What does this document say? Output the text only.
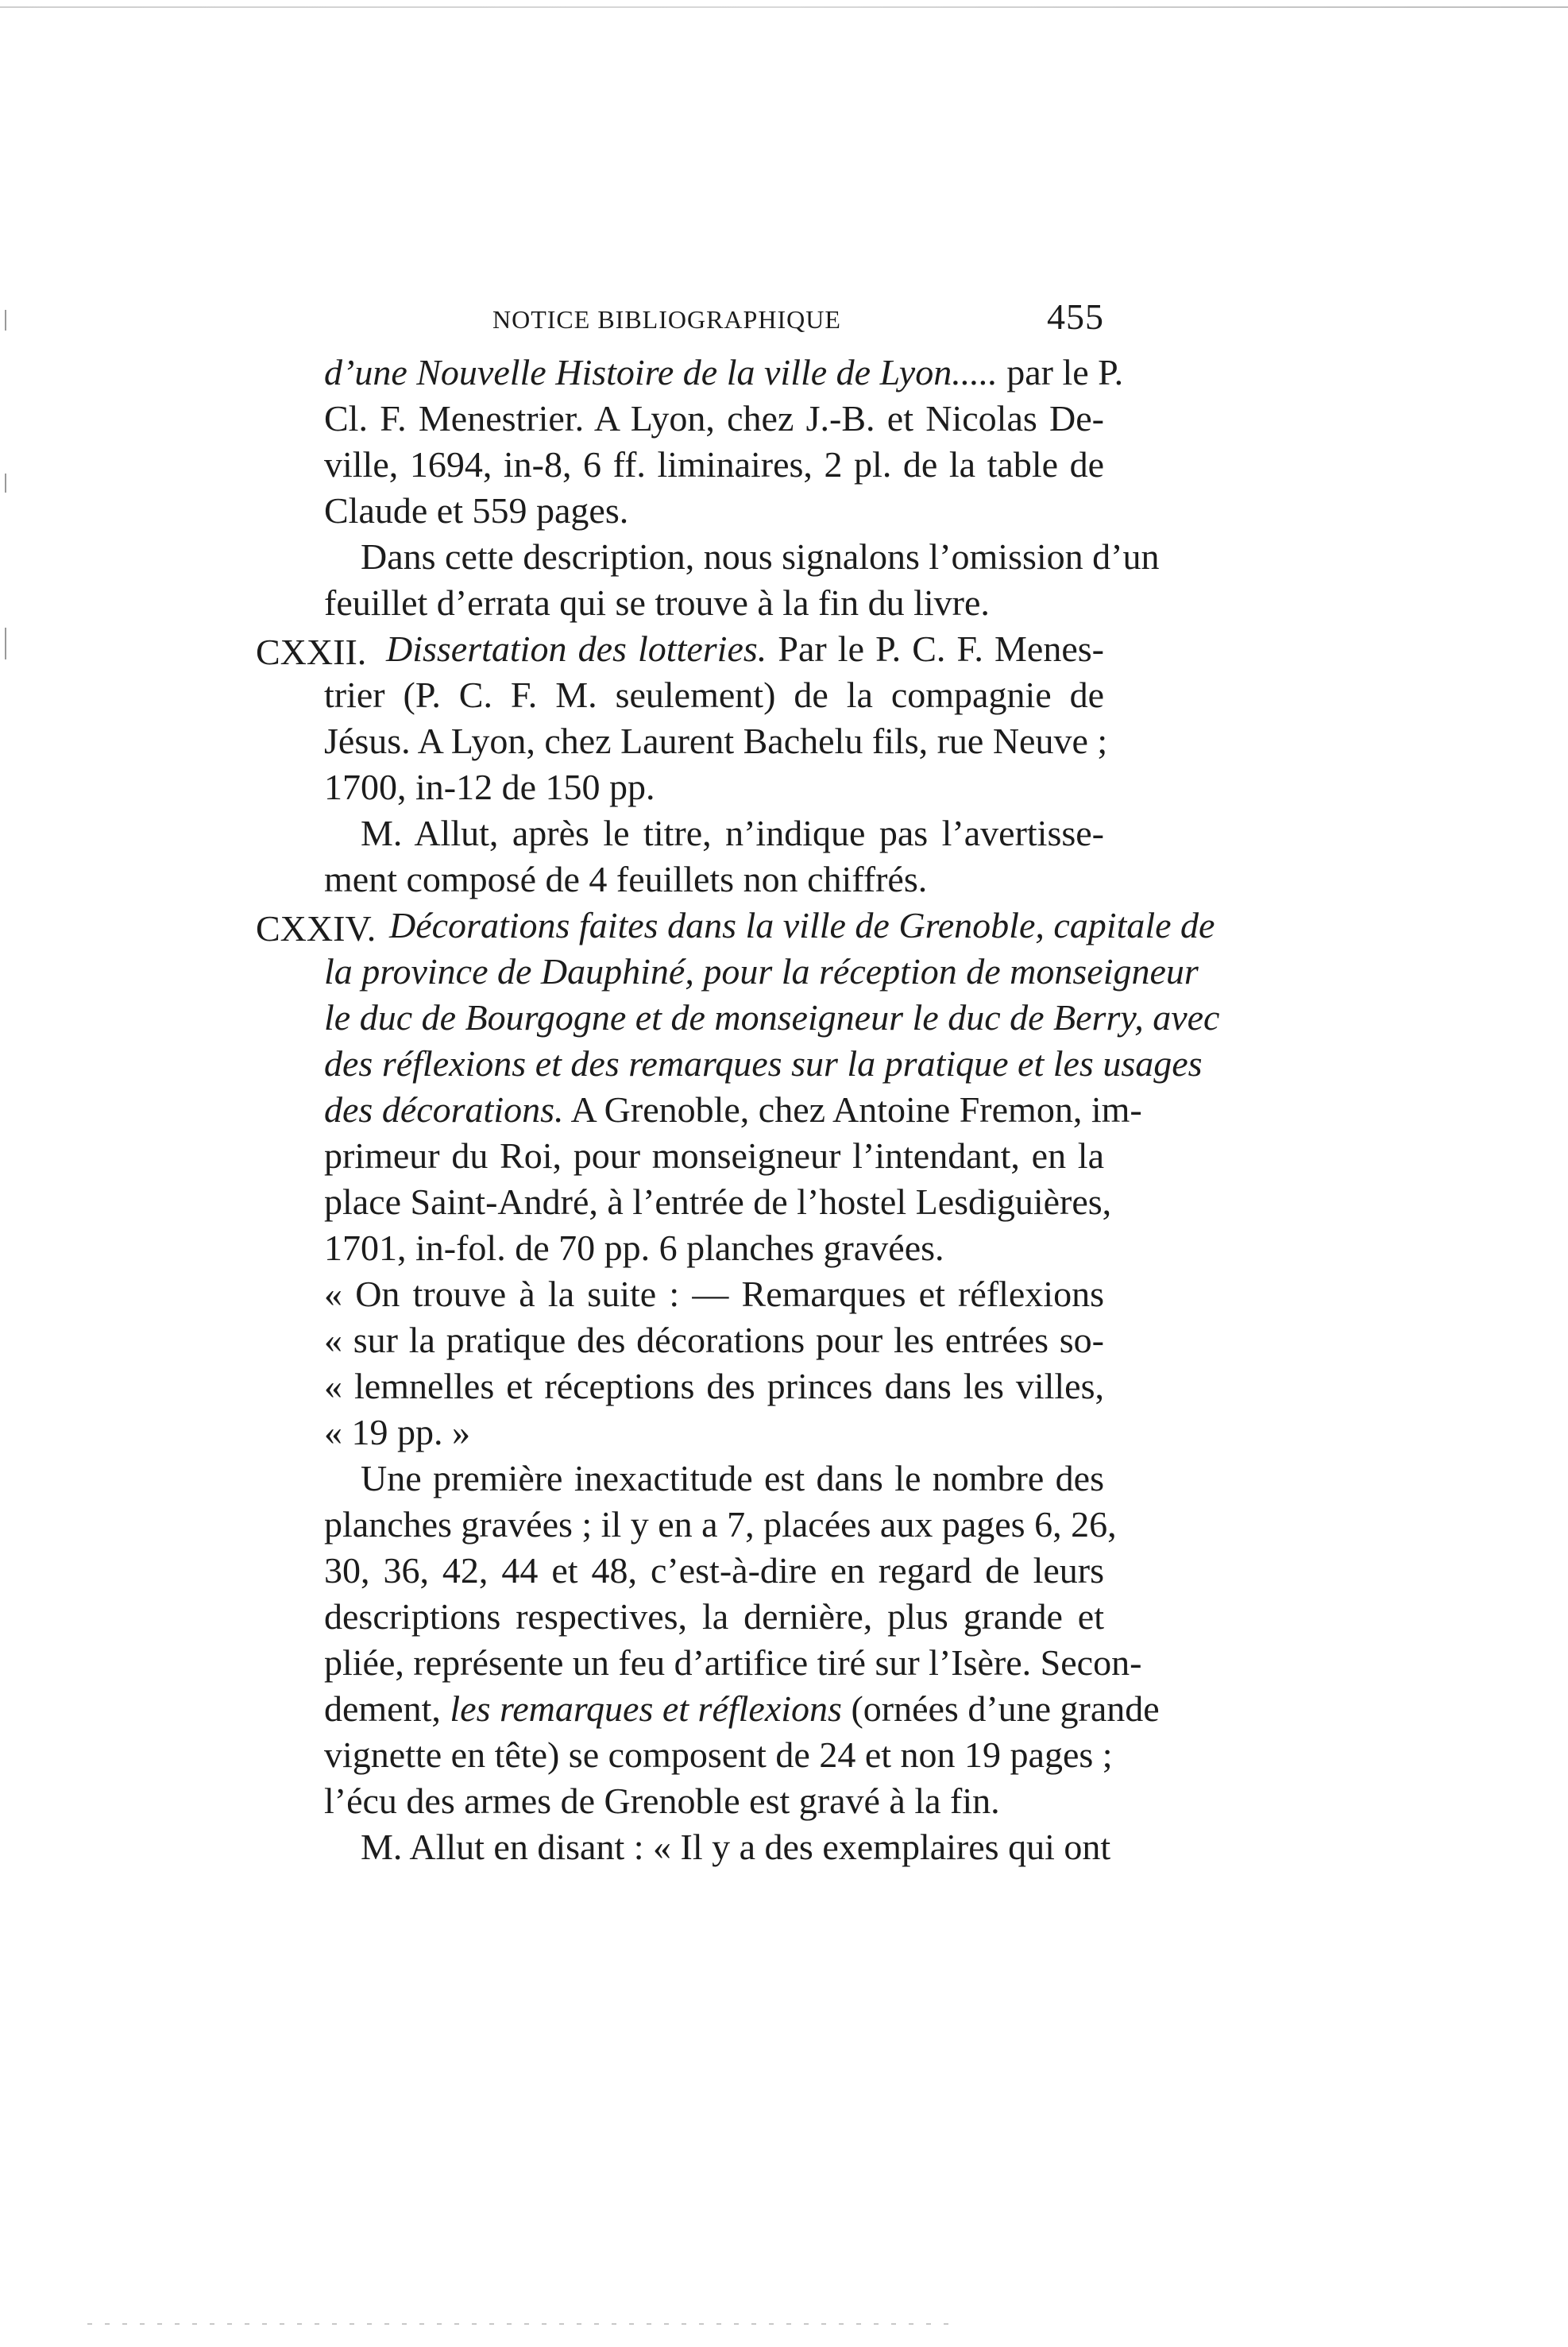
NOTICE BIBLIOGRAPHIQUE	455
d’une Nouvelle Histoire de la ville de Lyon..... par le P.
Cl. F. Menestrier. A Lyon, chez J.-B. et Nicolas De-
ville, 1694, in-8, 6 ff. liminaires, 2 pl. de la table de
Claude et 559 pages.
Dans cette description, nous signalons l’omission d’un
feuillet d’errata qui se trouve à la fin du livre.
CXXII. Dissertation des lotteries. Par le P. C. F. Menes-
trier (P. C. F. M. seulement) de la compagnie de
Jésus. A Lyon, chez Laurent Bachelu fils, rue Neuve ;
1700, in-12 de 150 pp.
M. Allut, après le titre, n’indique pas l’avertisse-
ment composé de 4 feuillets non chiffrés.
CXXIV. Décorations faites dans la ville de Grenoble, capitale de
la province de Dauphiné, pour la réception de monseigneur
le duc de Bourgogne et de monseigneur le duc de Berry, avec
des réflexions et des remarques sur la pratique et les usages
des décorations. A Grenoble, chez Antoine Fremon, im-
primeur du Roi, pour monseigneur l’intendant, en la
place Saint-André, à l’entrée de l’hostel Lesdiguières,
1701, in-fol. de 70 pp. 6 planches gravées.
« On trouve à la suite : — Remarques et réflexions
« sur la pratique des décorations pour les entrées so-
« lemnelles et réceptions des princes dans les villes,
« 19 pp. »
Une première inexactitude est dans le nombre des
planches gravées ; il y en a 7, placées aux pages 6, 26,
30, 36, 42, 44 et 48, c’est-à-dire en regard de leurs
descriptions respectives, la dernière, plus grande et
pliée, représente un feu d’artifice tiré sur l’Isère. Secon-
dement, les remarques et réflexions (ornées d’une grande
vignette en tête) se composent de 24 et non 19 pages ;
l’écu des armes de Grenoble est gravé à la fin.
M. Allut en disant : « Il y a des exemplaires qui ont
